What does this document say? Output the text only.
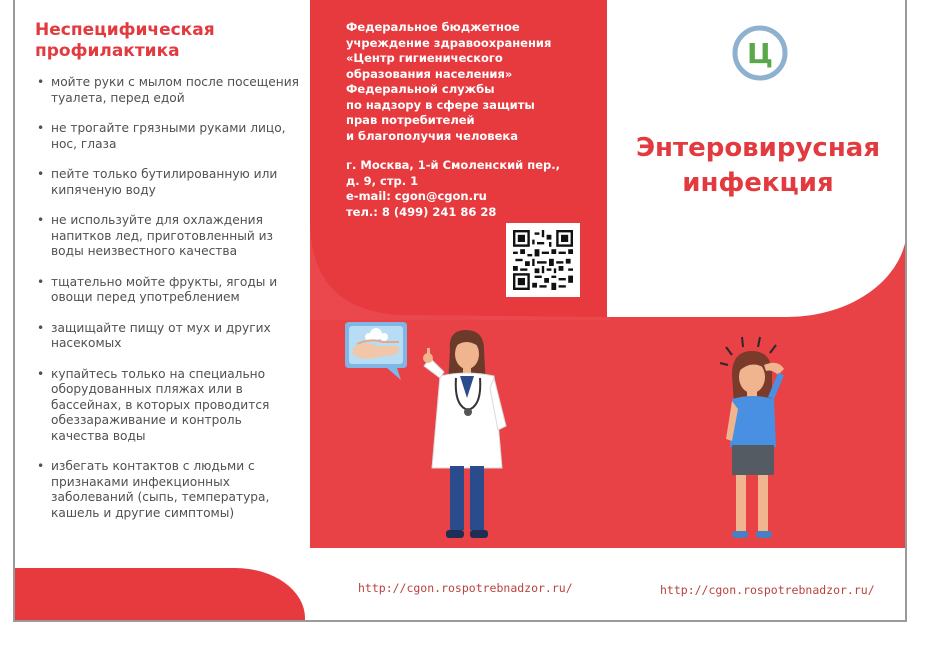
Неспецифическая профилактика
• мойте руки с мылом после посещения туалета, перед едой
• не трогайте грязными руками лицо, нос, глаза
• пейте только бутилированную или кипяченую воду
• не используйте для охлаждения напитков лед, приготовленный из воды неизвестного качества
• тщательно мойте фрукты, ягоды и овощи перед употреблением
• защищайте пищу от мух и других насекомых
• купайтесь только на специально оборудованных пляжах или в бассейнах, в которых проводится обеззараживание и контроль качества воды
• избегать контактов с людьми с признаками инфекционных заболеваний (сыпь, температура, кашель и другие симптомы)

Федеральное бюджетное
учреждение здравоохранения
«Центр гигиенического
образования населения»
Федеральной службы
по надзору в сфере защиты
прав потребителей
и благополучия человека

г. Москва, 1-й Смоленский пер.,
д. 9, стр. 1
e-mail: cgon@cgon.ru
тел.: 8 (499) 241 86 28

Ц
Энтеровирусная
инфекция
http://cgon.rospotrebnadzor.ru/	http://cgon.rospotrebnadzor.ru/
